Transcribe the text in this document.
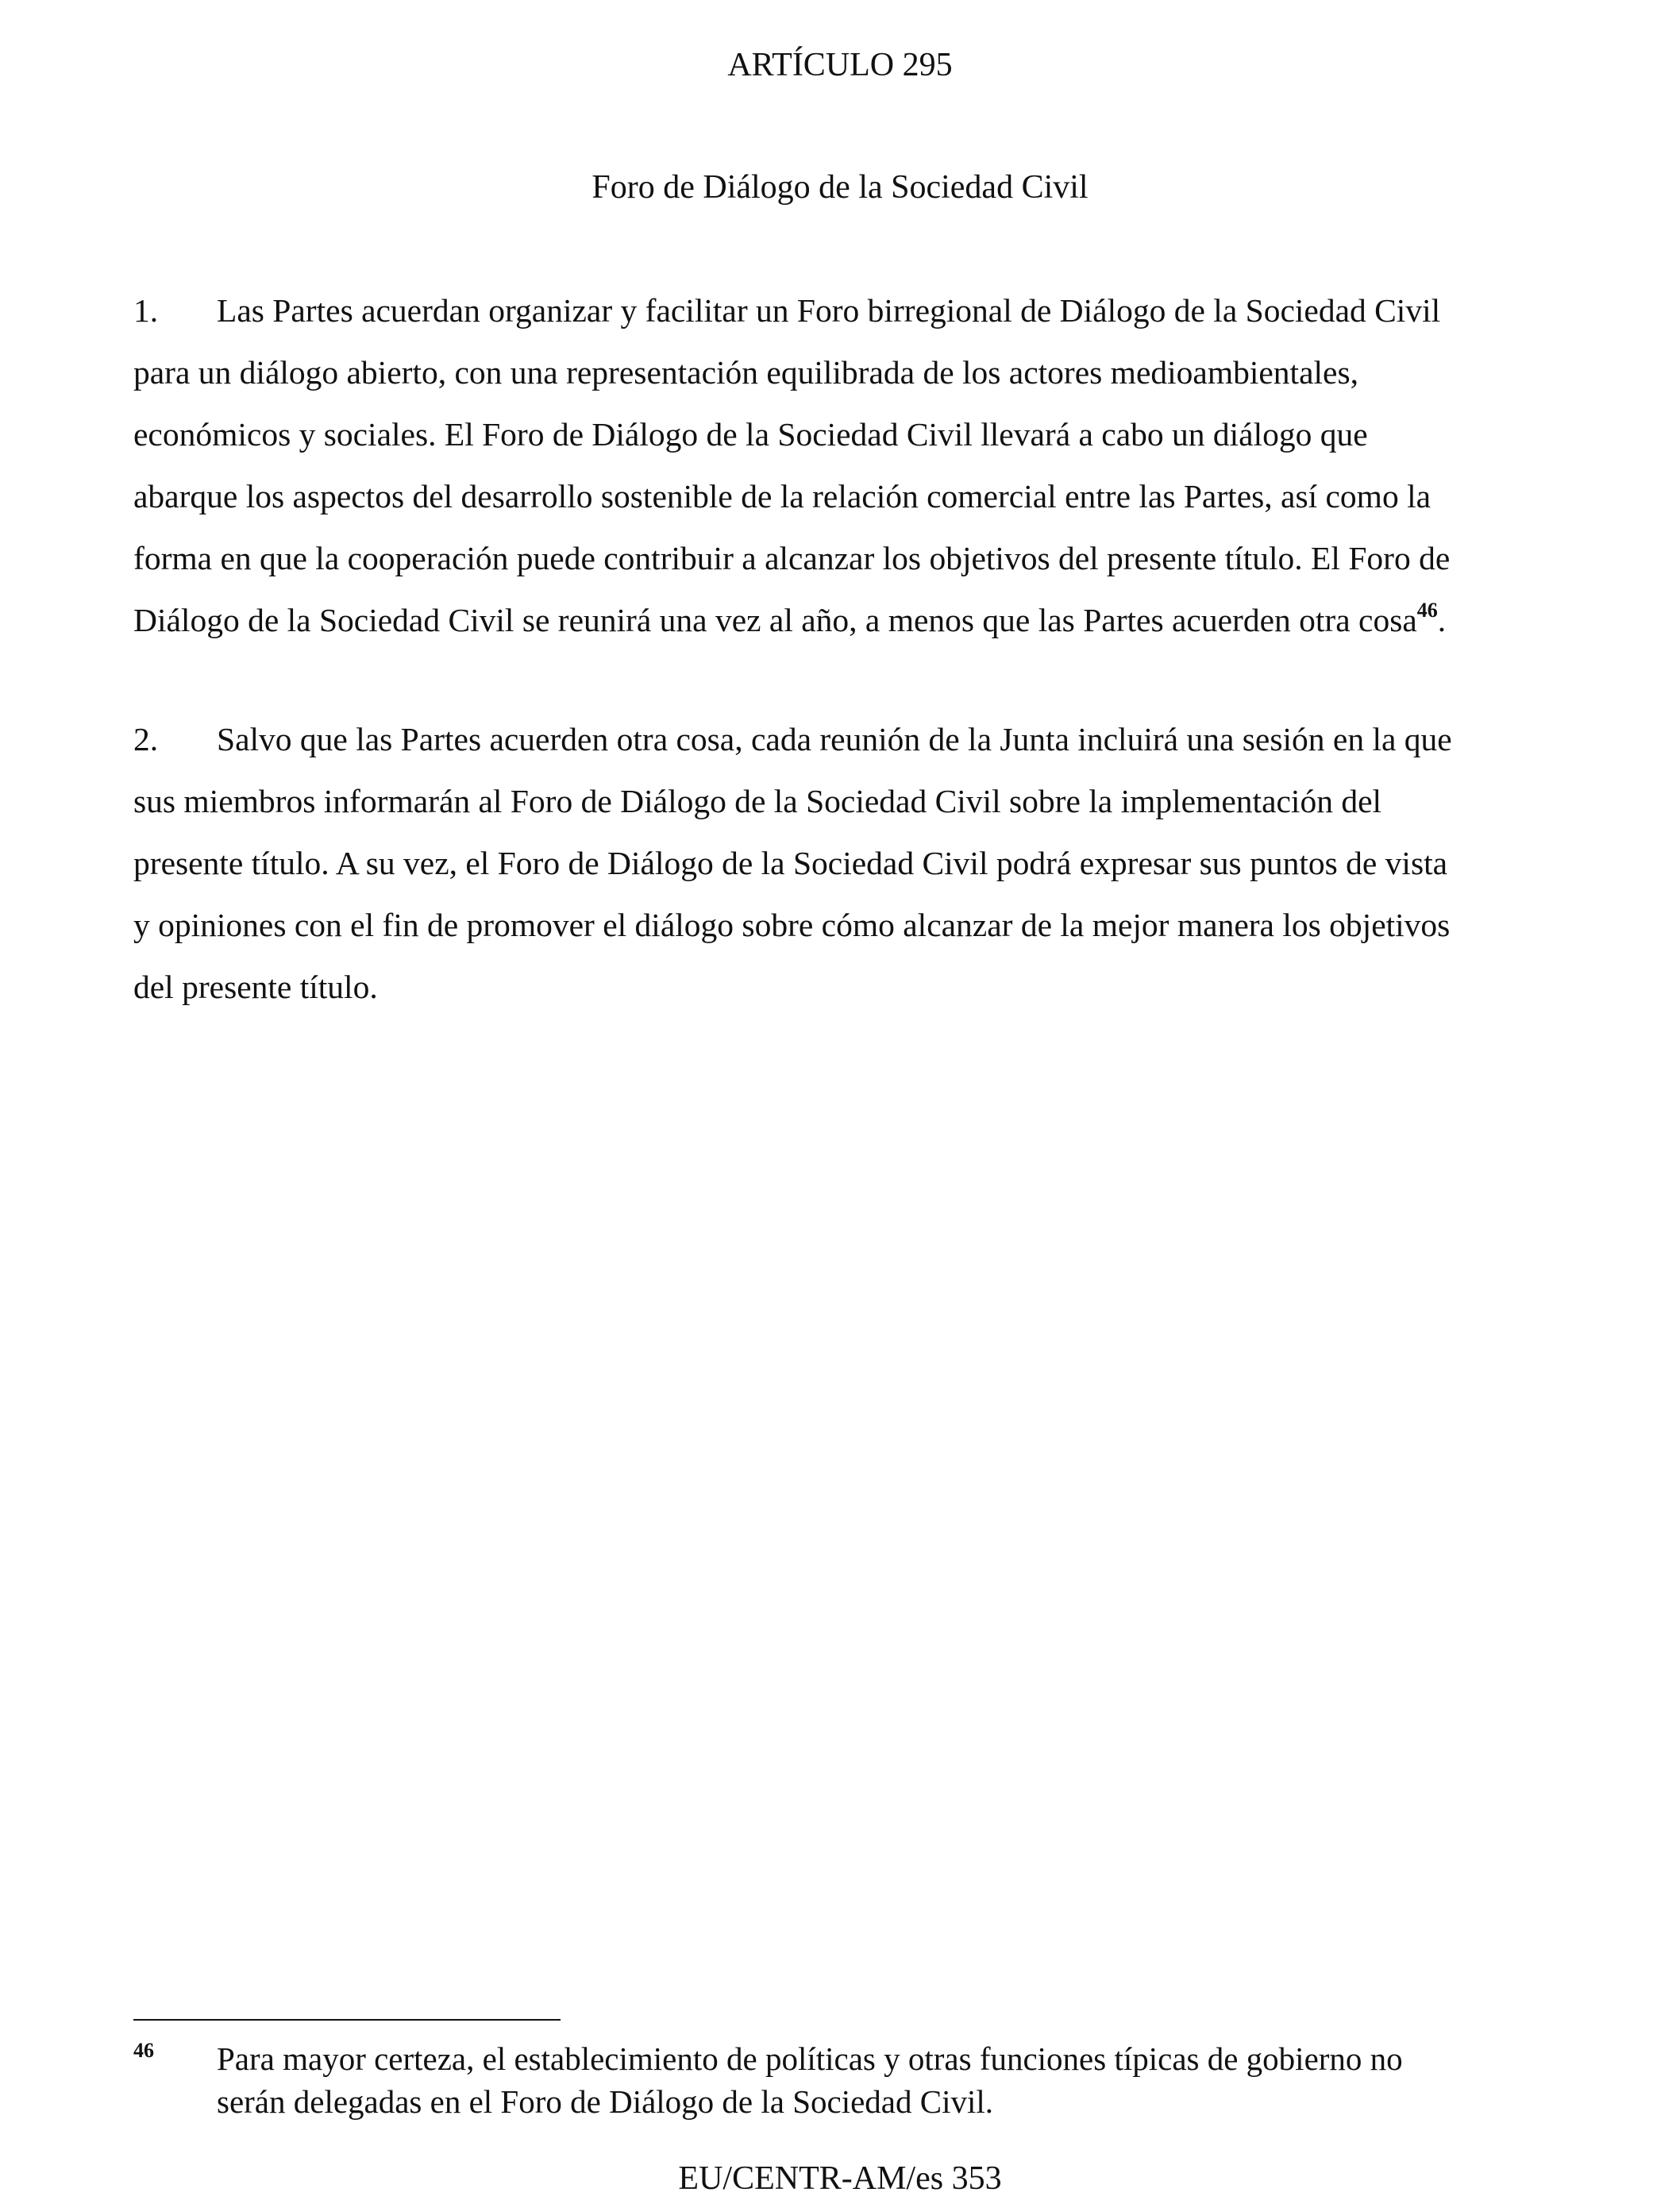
ARTÍCULO 295
Foro de Diálogo de la Sociedad Civil
1. Las Partes acuerdan organizar y facilitar un Foro birregional de Diálogo de la Sociedad Civil
para un diálogo abierto, con una representación equilibrada de los actores medioambientales,
económicos y sociales. El Foro de Diálogo de la Sociedad Civil llevará a cabo un diálogo que
abarque los aspectos del desarrollo sostenible de la relación comercial entre las Partes, así como la
forma en que la cooperación puede contribuir a alcanzar los objetivos del presente título. El Foro de
Diálogo de la Sociedad Civil se reunirá una vez al año, a menos que las Partes acuerden otra cosa$^{46}$.
2. Salvo que las Partes acuerden otra cosa, cada reunión de la Junta incluirá una sesión en la que
sus miembros informarán al Foro de Diálogo de la Sociedad Civil sobre la implementación del
presente título. A su vez, el Foro de Diálogo de la Sociedad Civil podrá expresar sus puntos de vista
y opiniones con el fin de promover el diálogo sobre cómo alcanzar de la mejor manera los objetivos
del presente título.
46 Para mayor certeza, el establecimiento de políticas y otras funciones típicas de gobierno no
serán delegadas en el Foro de Diálogo de la Sociedad Civil.
EU/CENTR-AM/es 353
